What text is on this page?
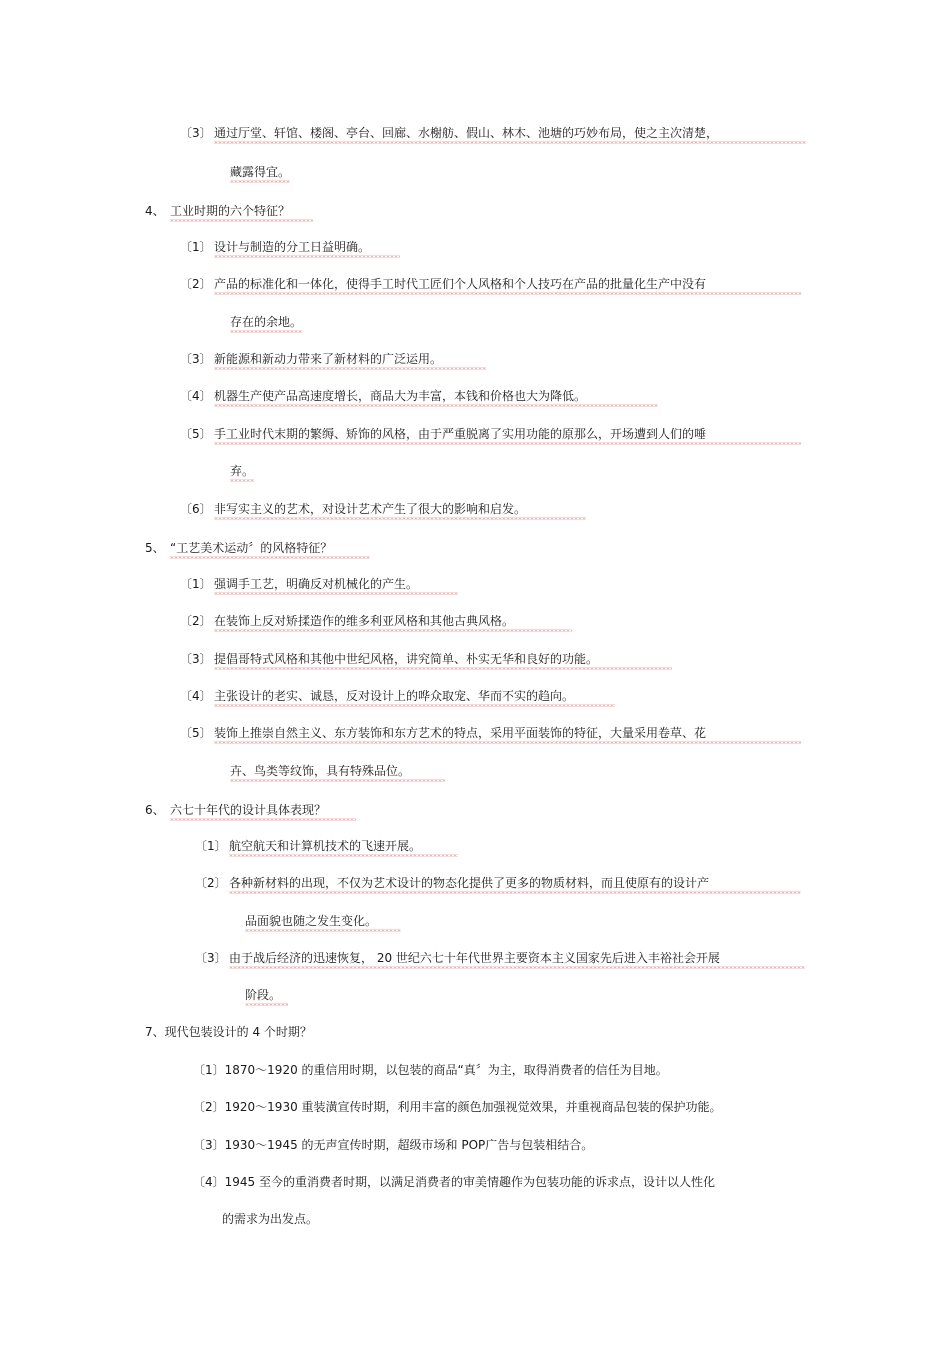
〔3〕 通过厅堂、轩馆、楼阁、亭台、回廊、水榭舫、假山、林木、池塘的巧妙布局，使之主次清楚，
藏露得宜。
4、 工业时期的六个特征？
〔1〕 设计与制造的分工日益明确。
〔2〕 产品的标准化和一体化，使得手工时代工匠们个人风格和个人技巧在产品的批量化生产中没有
存在的余地。
〔3〕 新能源和新动力带来了新材料的广泛运用。
〔4〕 机器生产使产品高速度增长，商品大为丰富，本钱和价格也大为降低。
〔5〕 手工业时代末期的繁缛、矫饰的风格，由于严重脱离了实用功能的原那么，开场遭到人们的唾
弃。
〔6〕 非写实主义的艺术，对设计艺术产生了很大的影响和启发。
5、 “工艺美术运动〞的风格特征？
〔1〕 强调手工艺，明确反对机械化的产生。
〔2〕 在装饰上反对矫揉造作的维多利亚风格和其他古典风格。
〔3〕 提倡哥特式风格和其他中世纪风格，讲究简单、朴实无华和良好的功能。
〔4〕 主张设计的老实、诚恳，反对设计上的哗众取宠、华而不实的趋向。
〔5〕 装饰上推崇自然主义、东方装饰和东方艺术的特点，采用平面装饰的特征，大量采用卷草、花
卉、鸟类等纹饰，具有特殊品位。
6、 六七十年代的设计具体表现？
〔1〕 航空航天和计算机技术的飞速开展。
〔2〕 各种新材料的出现，不仅为艺术设计的物态化提供了更多的物质材料，而且使原有的设计产
品面貌也随之发生变化。
〔3〕 由于战后经济的迅速恢复， 20 世纪六七十年代世界主要资本主义国家先后进入丰裕社会开展
阶段。
7、现代包装设计的 4 个时期？
〔1〕1870～1920 的重信用时期，以包装的商品“真〞为主，取得消费者的信任为目地。
〔2〕1920～1930 重装潢宣传时期，利用丰富的颜色加强视觉效果，并重视商品包装的保护功能。
〔3〕1930～1945 的无声宣传时期，超级市场和 POP广告与包装相结合。
〔4〕1945 至今的重消费者时期，以满足消费者的审美情趣作为包装功能的诉求点，设计以人性化
的需求为出发点。
